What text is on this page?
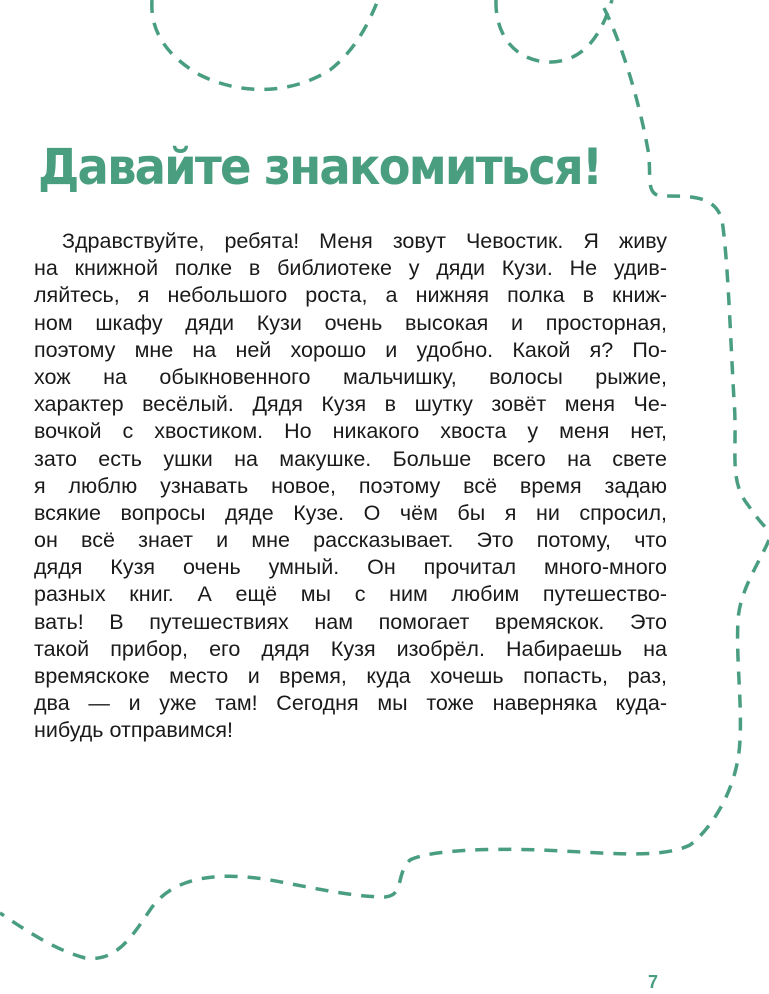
Давайте знакомиться!
Здравствуйте, ребята! Меня зовут Чевостик. Я живу
на книжной полке в библиотеке у дяди Кузи. Не удив-
ляйтесь, я небольшого роста, а нижняя полка в книж-
ном шкафу дяди Кузи очень высокая и просторная,
поэтому мне на ней хорошо и удобно. Какой я? По-
хож на обыкновенного мальчишку, волосы рыжие,
характер весёлый. Дядя Кузя в шутку зовёт меня Че-
вочкой с хвостиком. Но никакого хвоста у меня нет,
зато есть ушки на макушке. Больше всего на свете
я люблю узнавать новое, поэтому всё время задаю
всякие вопросы дяде Кузе. О чём бы я ни спросил,
он всё знает и мне рассказывает. Это потому, что
дядя Кузя очень умный. Он прочитал много-много
разных книг. А ещё мы с ним любим путешество-
вать! В путешествиях нам помогает времяскок. Это
такой прибор, его дядя Кузя изобрёл. Набираешь на
времяскоке место и время, куда хочешь попасть, раз,
два — и уже там! Сегодня мы тоже наверняка куда-
нибудь отправимся!
7
